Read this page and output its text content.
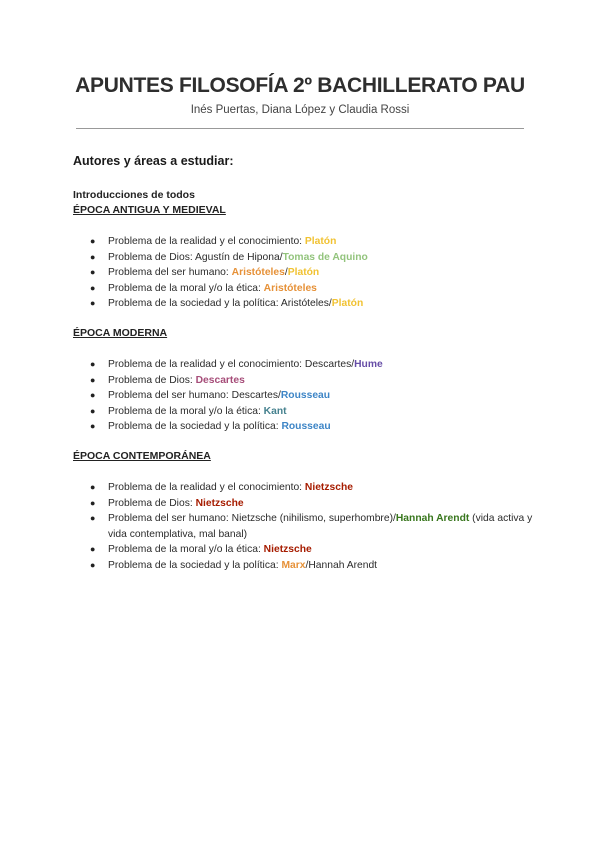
APUNTES FILOSOFÍA 2º BACHILLERATO PAU
Inés Puertas, Diana López y Claudia Rossi
Autores y áreas a estudiar:
Introducciones de todos
ÉPOCA ANTIGUA Y MEDIEVAL
● Problema de la realidad y el conocimiento: Platón
● Problema de Dios: Agustín de Hipona/Tomas de Aquino
● Problema del ser humano: Aristóteles/Platón
● Problema de la moral y/o la ética: Aristóteles
● Problema de la sociedad y la política: Aristóteles/Platón
ÉPOCA MODERNA
● Problema de la realidad y el conocimiento: Descartes/Hume
● Problema de Dios: Descartes
● Problema del ser humano: Descartes/Rousseau
● Problema de la moral y/o la ética: Kant
● Problema de la sociedad y la política: Rousseau
ÉPOCA CONTEMPORÁNEA
● Problema de la realidad y el conocimiento: Nietzsche
● Problema de Dios: Nietzsche
● Problema del ser humano: Nietzsche (nihilismo, superhombre)/Hannah Arendt (vida activa y vida contemplativa, mal banal)
● Problema de la moral y/o la ética: Nietzsche
● Problema de la sociedad y la política: Marx/Hannah Arendt
